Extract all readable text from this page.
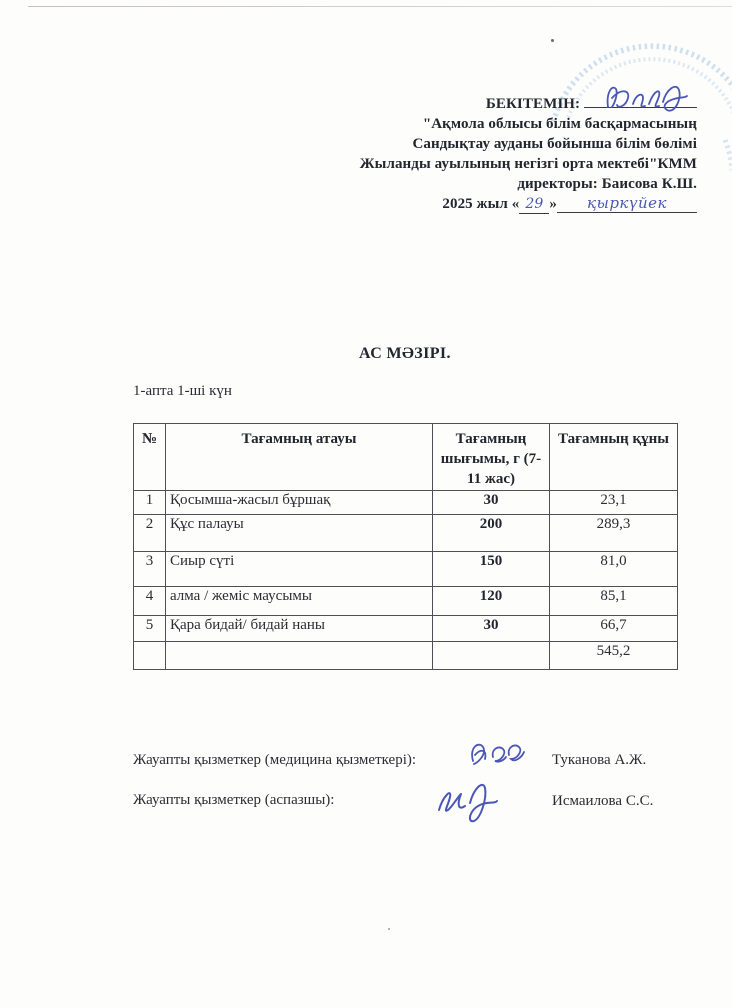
БЕКІТЕМІН:
"Ақмола облысы білім басқармасының
Сандықтау ауданы бойынша білім бөлімі
Жыланды ауылының негізгі орта мектебі"КММ
директоры: Баисова К.Ш.
2025 жыл « 29 » қыркүйек
АС МӘЗІРІ.
1-апта 1-ші күн
№	Тағамның атауы	Тағамның шығымы, г (7-11 жас)	Тағамның құны
1	Қосымша-жасыл бұршақ	30	23,1
2	Құс палауы	200	289,3
3	Сиыр сүті	150	81,0
4	алма / жеміс маусымы	120	85,1
5	Қара бидай/ бидай наны	30	66,7
			545,2
Жауапты қызметкер (медицина қызметкері):	Туканова А.Ж.
Жауапты қызметкер (аспазшы):	Исмаилова С.С.
